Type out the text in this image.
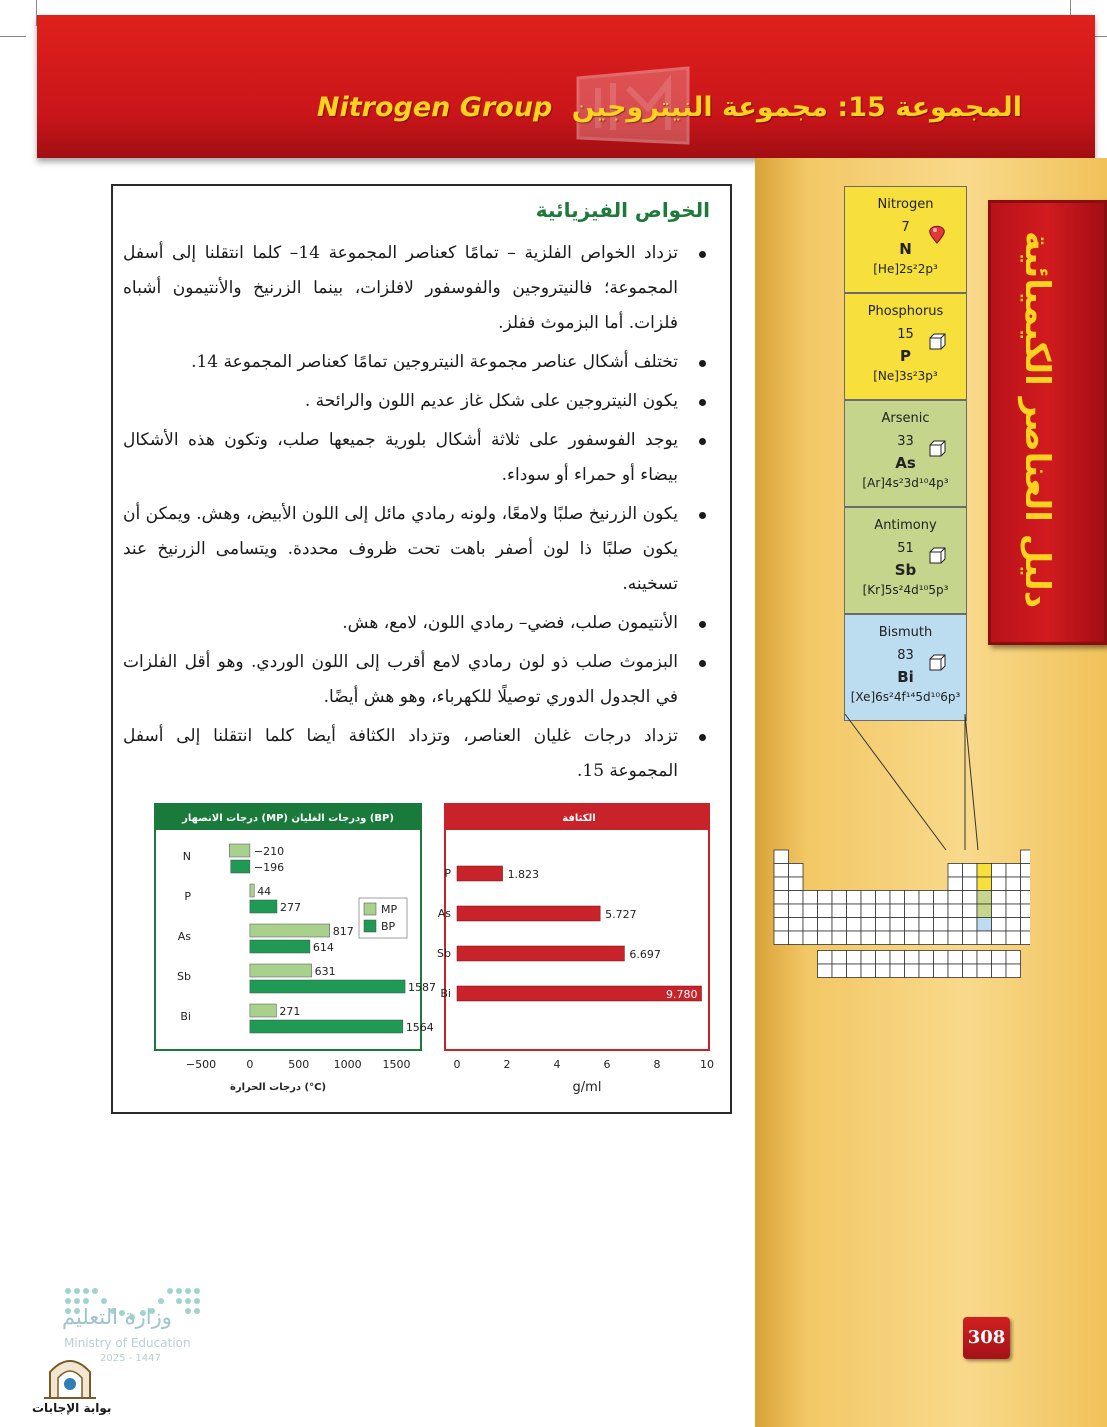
المجموعة 15: مجموعة النيتروجين Nitrogen Group
دليل العناصر الكيميائية
Nitrogen
7
N
[He]2s²2p³
Phosphorus
15
P
[Ne]3s²3p³
Arsenic
33
As
[Ar]4s²3d¹⁰4p³
Antimony
51
Sb
[Kr]5s²4d¹⁰5p³
Bismuth
83
Bi
[Xe]6s²4f¹⁴5d¹⁰6p³
الخواص الفيزيائية
تزداد الخواص الفلزية – تمامًا كعناصر المجموعة 14– كلما انتقلنا إلى أسفل المجموعة؛ فالنيتروجين والفوسفور لافلزات، بينما الزرنيخ والأنتيمون أشباه فلزات. أما البزموث ففلز.
تختلف أشكال عناصر مجموعة النيتروجين تمامًا كعناصر المجموعة 14.
يكون النيتروجين على شكل غاز عديم اللون والرائحة .
يوجد الفوسفور على ثلاثة أشكال بلورية جميعها صلب، وتكون هذه الأشكال بيضاء أو حمراء أو سوداء.
يكون الزرنيخ صلبًا ولامعًا، ولونه رمادي مائل إلى اللون الأبيض، وهش. ويمكن أن يكون صلبًا ذا لون أصفر باهت تحت ظروف محددة. ويتسامى الزرنيخ عند تسخينه.
الأنتيمون صلب، فضي– رمادي اللون، لامع، هش.
البزموث صلب ذو لون رمادي لامع أقرب إلى اللون الوردي. وهو أقل الفلزات في الجدول الدوري توصيلًا للكهرباء، وهو هش أيضًا.
تزداد درجات غليان العناصر، وتزداد الكثافة أيضا كلما انتقلنا إلى أسفل المجموعة 15.
درجات الانصهار (MP) ودرجات الغليان (BP)
N	−210
−196
P	44
277
As	817
614
Sb	631
1587
Bi	271
1564
MP
BP
−500	0	500 1000 1500
درجات الحرارة (°C)
الكثافة
P	1.823
As	5.727
Sb	6.697
Bi	9.780
0	2	4	6	8	10
g/ml
وزارة التعليم
Ministry of Education
2025 - 1447
بوابة الإجابات
308
